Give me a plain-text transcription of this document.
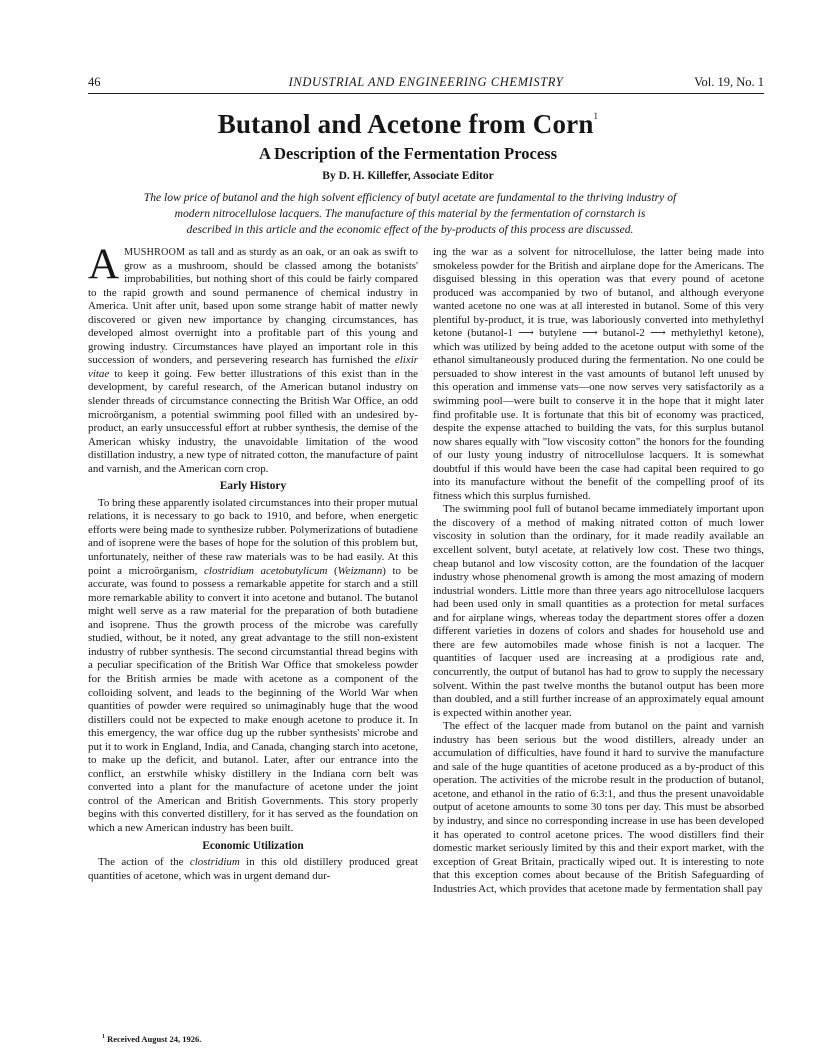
46	INDUSTRIAL AND ENGINEERING CHEMISTRY	Vol. 19, No. 1
Butanol and Acetone from Corn$^1$
A Description of the Fermentation Process
By D. H. Killeffer, Associate Editor
The low price of butanol and the high solvent efficiency of butyl acetate are fundamental to the thriving industry of
modern nitrocellulose lacquers. The manufacture of this material by the fermentation of cornstarch is
described in this article and the economic effect of the by-products of this process are discussed.

AMUSHROOM as tall and as sturdy as an oak, or an oak as swift to grow as a mushroom, should be classed among the botanists' improbabilities, but nothing short of this could be fairly compared to the rapid growth and sound permanence of chemical industry in America. Unit after unit, based upon some strange habit of matter newly discovered or given new importance by changing circumstances, has developed almost overnight into a profitable part of this young and growing industry. Circumstances have played an important role in this succession of wonders, and persevering research has furnished the elixir vitae to keep it going. Few better illustrations of this exist than in the development, by careful research, of the American butanol industry on slender threads of circumstance connecting the British War Office, an odd microörganism, a potential swimming pool filled with an undesired by-product, an early unsuccessful effort at rubber synthesis, the demise of the American whisky industry, the unavoidable limitation of the wood distillation industry, a new type of nitrated cotton, the manufacture of paint and varnish, and the American corn crop.

Early History

To bring these apparently isolated circumstances into their proper mutual relations, it is necessary to go back to 1910, and before, when energetic efforts were being made to synthesize rubber. Polymerizations of butadiene and of isoprene were the bases of hope for the solution of this problem but, unfortunately, neither of these raw materials was to be had easily. At this point a microörganism, clostridium acetobutylicum (Weizmann) to be accurate, was found to possess a remarkable appetite for starch and a still more remarkable ability to convert it into acetone and butanol. The butanol might well serve as a raw material for the preparation of both butadiene and isoprene. Thus the growth process of the microbe was carefully studied, without, be it noted, any great advantage to the still non-existent industry of rubber synthesis. The second circumstantial thread begins with a peculiar specification of the British War Office that smokeless powder for the British armies be made with acetone as a component of the colloiding solvent, and leads to the beginning of the World War when quantities of powder were required so unimaginably huge that the wood distillers could not be expected to make enough acetone to produce it. In this emergency, the war office dug up the rubber synthesists' microbe and put it to work in England, India, and Canada, changing starch into acetone, to make up the deficit, and butanol. Later, after our entrance into the conflict, an erstwhile whisky distillery in the Indiana corn belt was converted into a plant for the manufacture of acetone under the joint control of the American and British Governments. This story properly begins with this converted distillery, for it has served as the foundation on which a new American industry has been built.

Economic Utilization

The action of the clostridium in this old distillery produced great quantities of acetone, which was in urgent demand dur-

ing the war as a solvent for nitrocellulose, the latter being made into smokeless powder for the British and airplane dope for the Americans. The disguised blessing in this operation was that every pound of acetone produced was accompanied by two of butanol, and although everyone wanted acetone no one was at all interested in butanol. Some of this very plentiful by-product, it is true, was laboriously converted into methylethyl ketone (butanol-1 ⟶ butylene ⟶ butanol-2 ⟶ methylethyl ketone), which was utilized by being added to the acetone output with some of the ethanol simultaneously produced during the fermentation. No one could be persuaded to show interest in the vast amounts of butanol left unused by this operation and immense vats—one now serves very satisfactorily as a swimming pool—were built to conserve it in the hope that it might later find profitable use. It is fortunate that this bit of economy was practiced, despite the expense attached to building the vats, for this surplus butanol now shares equally with "low viscosity cotton" the honors for the founding of our lusty young industry of nitrocellulose lacquers. It is somewhat doubtful if this would have been the case had capital been required to go into its manufacture without the benefit of the compelling proof of its fitness which this surplus furnished.

The swimming pool full of butanol became immediately important upon the discovery of a method of making nitrated cotton of much lower viscosity in solution than the ordinary, for it made readily available an excellent solvent, butyl acetate, at relatively low cost. These two things, cheap butanol and low viscosity cotton, are the foundation of the lacquer industry whose phenomenal growth is among the most amazing of modern industrial wonders. Little more than three years ago nitrocellulose lacquers had been used only in small quantities as a protection for metal surfaces and for airplane wings, whereas today the department stores offer a dozen different varieties in dozens of colors and shades for household use and there are few automobiles made whose finish is not a lacquer. The quantities of lacquer used are increasing at a prodigious rate and, concurrently, the output of butanol has had to grow to supply the necessary solvent. Within the past twelve months the butanol output has been more than doubled, and a still further increase of an approximately equal amount is expected within another year.

The effect of the lacquer made from butanol on the paint and varnish industry has been serious but the wood distillers, already under an accumulation of difficulties, have found it hard to survive the manufacture and sale of the huge quantities of acetone produced as a by-product of this operation. The activities of the microbe result in the production of butanol, acetone, and ethanol in the ratio of 6:3:1, and thus the present unavoidable output of acetone amounts to some 30 tons per day. This must be absorbed by industry, and since no corresponding increase in use has been developed it has operated to control acetone prices. The wood distillers find their domestic market seriously limited by this and their export market, with the exception of Great Britain, practically wiped out. It is interesting to note that this exception comes about because of the British Safeguarding of Industries Act, which provides that acetone made by fermentation shall pay

$^1$ Received August 24, 1926.
